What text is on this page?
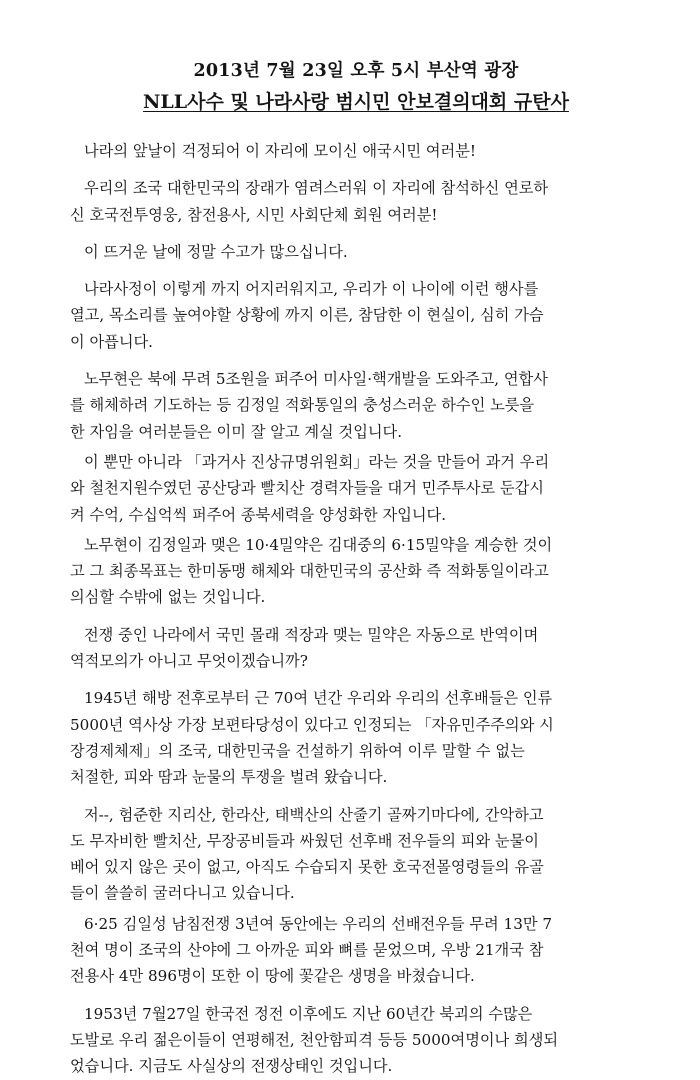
2013년 7월 23일 오후 5시 부산역 광장
NLL사수 및 나라사랑 범시민 안보결의대회 규탄사

나라의 앞날이 걱정되어 이 자리에 모이신 애국시민 여러분!

우리의 조국 대한민국의 장래가 염려스러워 이 자리에 참석하신 연로하
신 호국전투영웅, 참전용사, 시민 사회단체 회원 여러분!

이 뜨거운 날에 정말 수고가 많으십니다.

나라사정이 이렇게 까지 어지러워지고, 우리가 이 나이에 이런 행사를
열고, 목소리를 높여야할 상황에 까지 이른, 참담한 이 현실이, 심히 가슴
이 아픕니다.

노무현은 북에 무려 5조원을 퍼주어 미사일·핵개발을 도와주고, 연합사
를 해체하려 기도하는 등 김정일 적화통일의 충성스러운 하수인 노릇을
한 자임을 여러분들은 이미 잘 알고 계실 것입니다.

이 뿐만 아니라 「과거사 진상규명위원회」라는 것을 만들어 과거 우리
와 철천지원수였던 공산당과 빨치산 경력자들을 대거 민주투사로 둔갑시
켜 수억, 수십억씩 퍼주어 종북세력을 양성화한 자입니다.

노무현이 김정일과 맺은 10·4밀약은 김대중의 6·15밀약을 계승한 것이
고 그 최종목표는 한미동맹 해체와 대한민국의 공산화 즉 적화통일이라고
의심할 수밖에 없는 것입니다.

전쟁 중인 나라에서 국민 몰래 적장과 맺는 밀약은 자동으로 반역이며
역적모의가 아니고 무엇이겠습니까?

1945년 해방 전후로부터 근 70여 년간 우리와 우리의 선후배들은 인류
5000년 역사상 가장 보편타당성이 있다고 인정되는 「자유민주주의와 시
장경제체제」의 조국, 대한민국을 건설하기 위하여 이루 말할 수 없는
처절한, 피와 땀과 눈물의 투쟁을 벌려 왔습니다.

저--, 험준한 지리산, 한라산, 태백산의 산줄기 골짜기마다에, 간악하고
도 무자비한 빨치산, 무장공비들과 싸웠던 선후배 전우들의 피와 눈물이
베어 있지 않은 곳이 없고, 아직도 수습되지 못한 호국전몰영령들의 유골
들이 쓸쓸히 굴러다니고 있습니다.

6·25 김일성 남침전쟁 3년여 동안에는 우리의 선배전우들 무려 13만 7
천여 명이 조국의 산야에 그 아까운 피와 뼈를 묻었으며, 우방 21개국 참
전용사 4만 896명이 또한 이 땅에 꽃같은 생명을 바쳤습니다.

1953년 7월27일 한국전 정전 이후에도 지난 60년간 북괴의 수많은
도발로 우리 젊은이들이 연평해전, 천안함피격 등등 5000여명이나 희생되
었습니다. 지금도 사실상의 전쟁상태인 것입니다.
